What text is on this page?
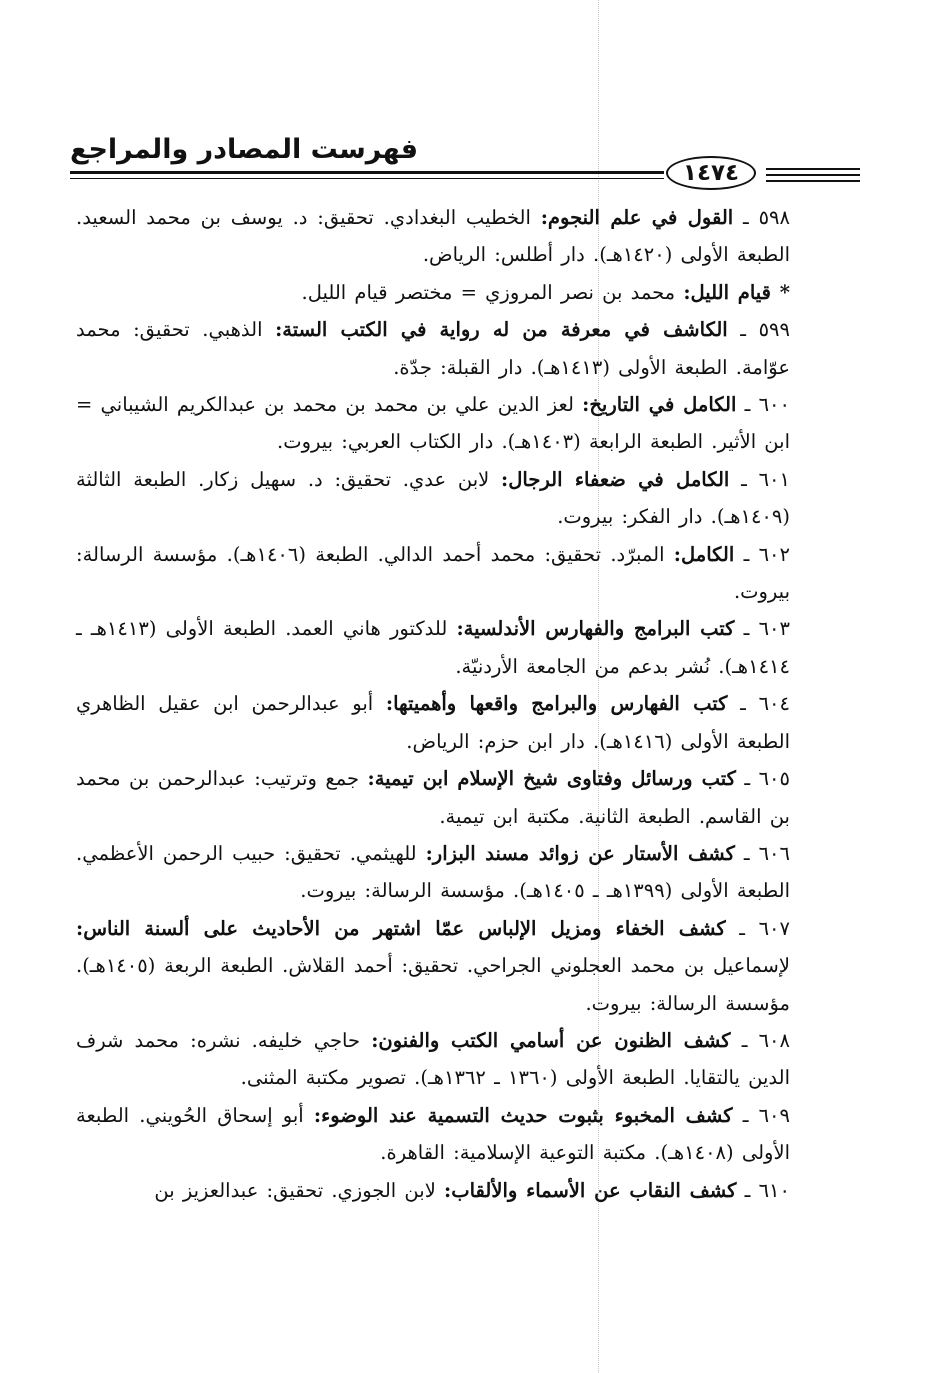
فهرست المصادر والمراجع
١٤٧٤
٥٩٨ ـ القول في علم النجوم: الخطيب البغدادي. تحقيق: د. يوسف بن محمد السعيد. الطبعة الأولى (١٤٢٠هـ). دار أطلس: الرياض.
* قيام الليل: محمد بن نصر المروزي = مختصر قيام الليل.
٥٩٩ ـ الكاشف في معرفة من له رواية في الكتب الستة: الذهبي. تحقيق: محمد عوّامة. الطبعة الأولى (١٤١٣هـ). دار القبلة: جدّة.
٦٠٠ ـ الكامل في التاريخ: لعز الدين علي بن محمد بن محمد بن عبدالكريم الشيباني = ابن الأثير. الطبعة الرابعة (١٤٠٣هـ). دار الكتاب العربي: بيروت.
٦٠١ ـ الكامل في ضعفاء الرجال: لابن عدي. تحقيق: د. سهيل زكار. الطبعة الثالثة (١٤٠٩هـ). دار الفكر: بيروت.
٦٠٢ ـ الكامل: المبرّد. تحقيق: محمد أحمد الدالي. الطبعة (١٤٠٦هـ). مؤسسة الرسالة: بيروت.
٦٠٣ ـ كتب البرامج والفهارس الأندلسية: للدكتور هاني العمد. الطبعة الأولى (١٤١٣هـ ـ ١٤١٤هـ). نُشر بدعم من الجامعة الأردنيّة.
٦٠٤ ـ كتب الفهارس والبرامج واقعها وأهميتها: أبو عبدالرحمن ابن عقيل الظاهري الطبعة الأولى (١٤١٦هـ). دار ابن حزم: الرياض.
٦٠٥ ـ كتب ورسائل وفتاوى شيخ الإسلام ابن تيمية: جمع وترتيب: عبدالرحمن بن محمد بن القاسم. الطبعة الثانية. مكتبة ابن تيمية.
٦٠٦ ـ كشف الأستار عن زوائد مسند البزار: للهيثمي. تحقيق: حبيب الرحمن الأعظمي. الطبعة الأولى (١٣٩٩هـ ـ ١٤٠٥هـ). مؤسسة الرسالة: بيروت.
٦٠٧ ـ كشف الخفاء ومزيل الإلباس عمّا اشتهر من الأحاديث على ألسنة الناس: لإسماعيل بن محمد العجلوني الجراحي. تحقيق: أحمد القلاش. الطبعة الربعة (١٤٠٥هـ). مؤسسة الرسالة: بيروت.
٦٠٨ ـ كشف الظنون عن أسامي الكتب والفنون: حاجي خليفه. نشره: محمد شرف الدين يالتقايا. الطبعة الأولى (١٣٦٠ ـ ١٣٦٢هـ). تصوير مكتبة المثنى.
٦٠٩ ـ كشف المخبوء بثبوت حديث التسمية عند الوضوء: أبو إسحاق الحُويني. الطبعة الأولى (١٤٠٨هـ). مكتبة التوعية الإسلامية: القاهرة.
٦١٠ ـ كشف النقاب عن الأسماء والألقاب: لابن الجوزي. تحقيق: عبدالعزيز بن
